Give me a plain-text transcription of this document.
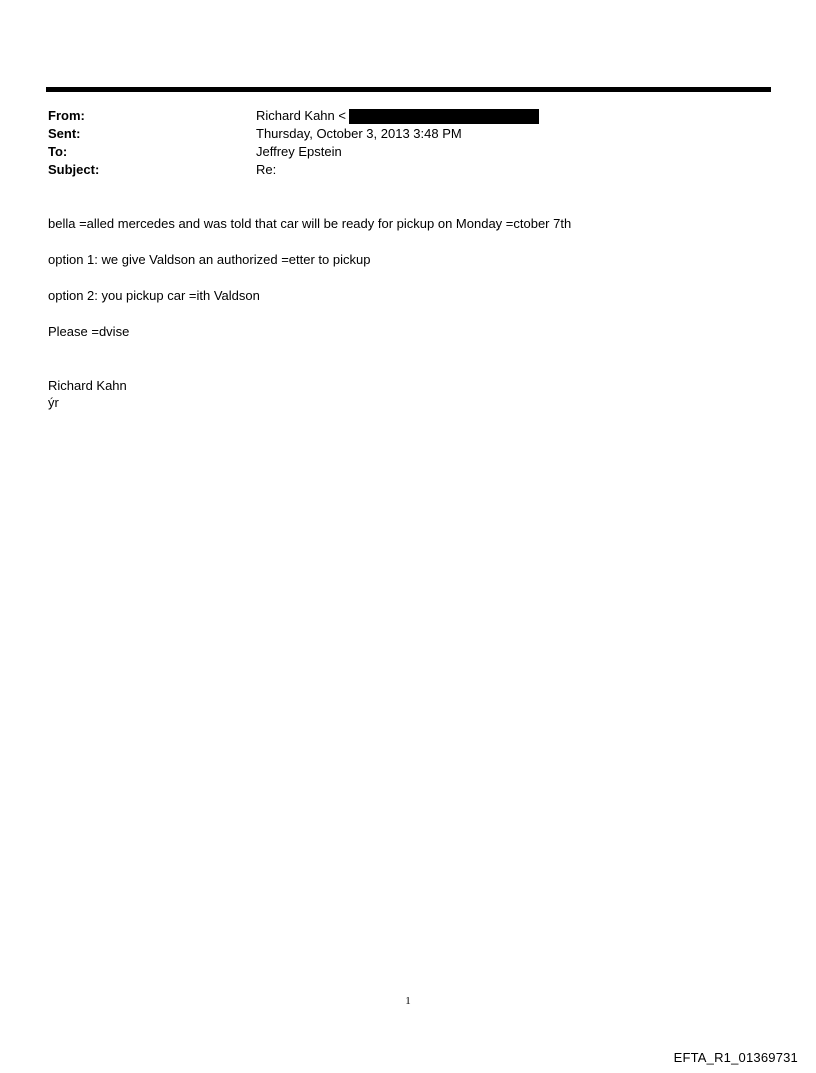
From:	Richard Kahn <
Sent:	Thursday, October 3, 2013 3:48 PM
To:	Jeffrey Epstein
Subject:	Re:
bella =alled mercedes and was told that car will be ready for pickup on Monday =ctober 7th
option 1: we give Valdson an authorized =etter to pickup
option 2: you pickup car =ith Valdson
Please =dvise
Richard Kahn
ýr
1
EFTA_R1_01369731
